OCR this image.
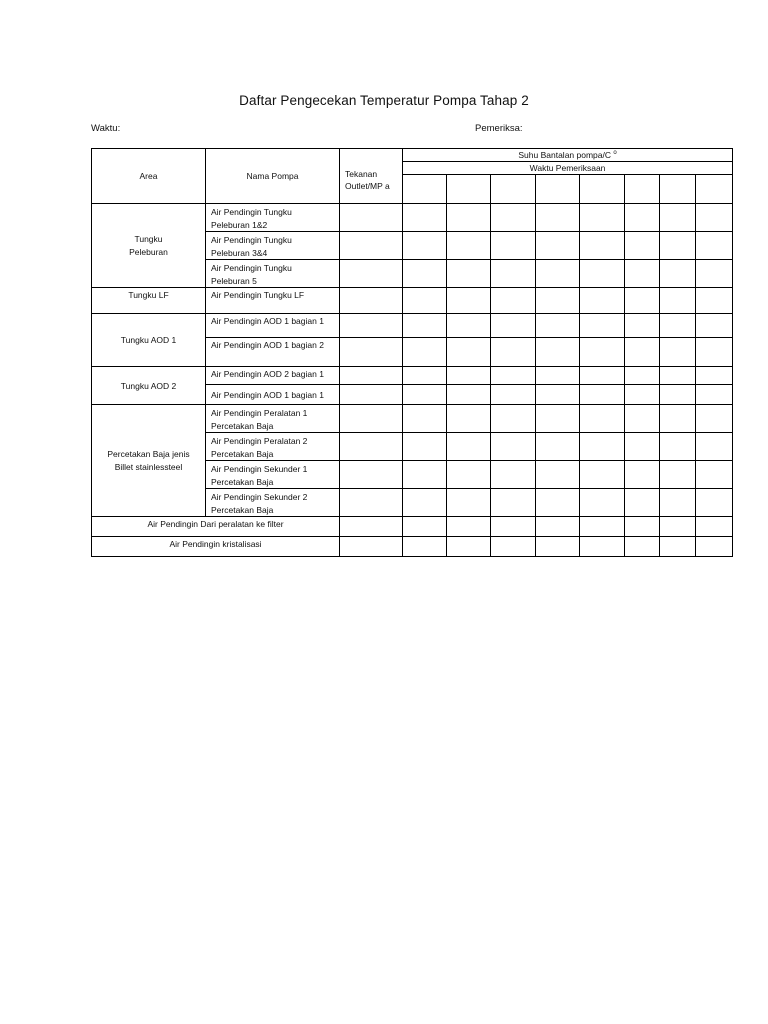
Daftar Pengecekan Temperatur Pompa Tahap 2
Waktu:	Pemeriksa:
Area	Nama Pompa	Tekanan Outlet/MP a	Suhu Bantalan pompa/C $^o$
			Waktu Pemeriksaan							

Tungku Peleburan	Air Pendingin Tungku Peleburan 1&2									

	Air Pendingin Tungku Peleburan 3&4									

	Air Pendingin Tungku Peleburan 5									

Tungku LF	Air Pendingin Tungku LF									
Tungku AOD 1	Air Pendingin AOD 1 bagian 1									
	Air Pendingin AOD 1 bagian 2									
Tungku AOD 2	Air Pendingin AOD 2 bagian 1									
	Air Pendingin AOD 1 bagian 1									

Percetakan Baja jenis Billet stainlessteel	Air Pendingin Peralatan 1 Percetakan Baja									

	Air Pendingin Peralatan 2 Percetakan Baja									

	Air Pendingin Sekunder 1 Percetakan Baja									

	Air Pendingin Sekunder 2 Percetakan Baja									

Air Pendingin Dari peralatan ke filter										
Air Pendingin kristalisasi										
